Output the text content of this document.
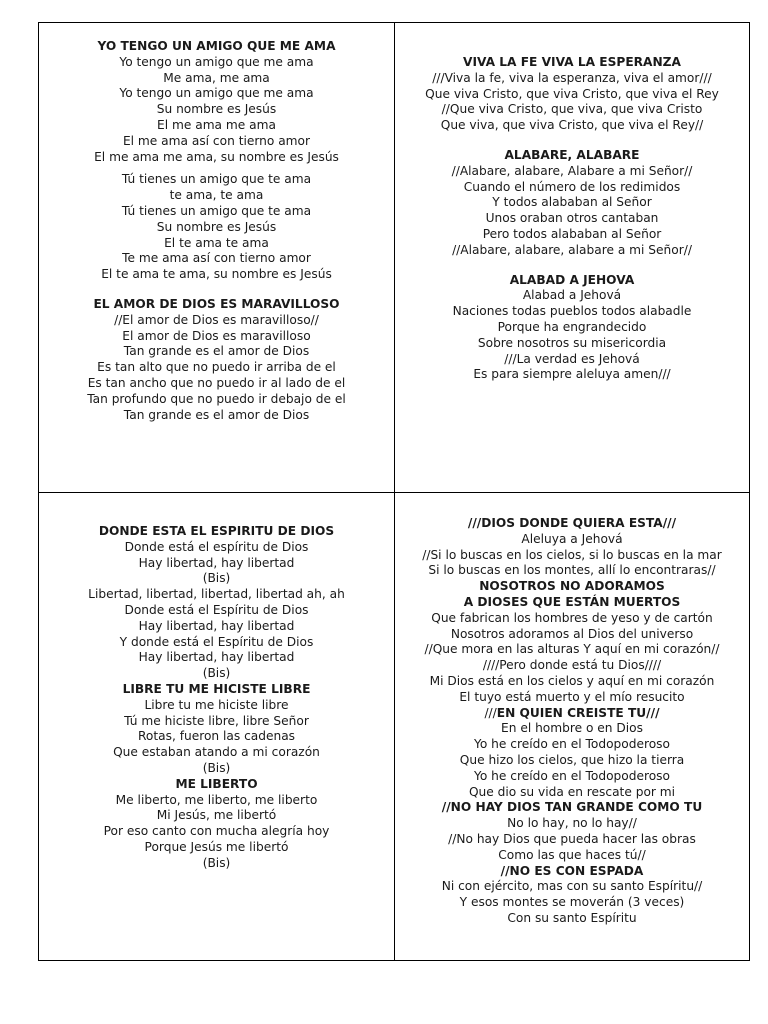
YO TENGO UN AMIGO QUE ME AMA
Yo tengo un amigo que me ama
Me ama, me ama
Yo tengo un amigo que me ama
Su nombre es Jesús
El me ama me ama
El me ama así con tierno amor
El me ama me ama, su nombre es Jesús
Tú tienes un amigo que te ama
te ama, te ama
Tú tienes un amigo que te ama
Su nombre es Jesús
El te ama te ama
Te me ama así con tierno amor
El te ama te ama, su nombre es Jesús
EL AMOR DE DIOS ES MARAVILLOSO
//El amor de Dios es maravilloso//
El amor de Dios es maravilloso
Tan grande es el amor de Dios
Es tan alto que no puedo ir arriba de el
Es tan ancho que no puedo ir al lado de el
Tan profundo que no puedo ir debajo de el
Tan grande es el amor de Dios
VIVA LA FE VIVA LA ESPERANZA
///Viva la fe, viva la esperanza, viva el amor///
Que viva Cristo, que viva Cristo, que viva el Rey
//Que viva Cristo, que viva, que viva Cristo
Que viva, que viva Cristo, que viva el Rey//
ALABARE, ALABARE
//Alabare, alabare, Alabare a mi Señor//
Cuando el número de los redimidos
Y todos alababan al Señor
Unos oraban otros cantaban
Pero todos alababan al Señor
//Alabare, alabare, alabare a mi Señor//
ALABAD A JEHOVA
Alabad a Jehová
Naciones todas pueblos todos alabadle
Porque ha engrandecido
Sobre nosotros su misericordia
///La verdad es Jehová
Es para siempre aleluya amen///
DONDE ESTA EL ESPIRITU DE DIOS
Donde está el espíritu de Dios
Hay libertad, hay libertad
(Bis)
Libertad, libertad, libertad, libertad ah, ah
Donde está el Espíritu de Dios
Hay libertad, hay libertad
Y donde está el Espíritu de Dios
Hay libertad, hay libertad
(Bis)
LIBRE TU ME HICISTE LIBRE
Libre tu me hiciste libre
Tú me hiciste libre, libre Señor
Rotas, fueron las cadenas
Que estaban atando a mi corazón
(Bis)
ME LIBERTO
Me liberto, me liberto, me liberto
Mi Jesús, me libertó
Por eso canto con mucha alegría hoy
Porque Jesús me libertó
(Bis)
///DIOS DONDE QUIERA ESTA///
Aleluya a Jehová
//Si lo buscas en los cielos, si lo buscas en la mar
Si lo buscas en los montes, allí lo encontraras//
NOSOTROS NO ADORAMOS
A DIOSES QUE ESTÁN MUERTOS
Que fabrican los hombres de yeso y de cartón
Nosotros adoramos al Dios del universo
//Que mora en las alturas Y aquí en mi corazón//
////Pero donde está tu Dios////
Mi Dios está en los cielos y aquí en mi corazón
El tuyo está muerto y el mío resucito
///EN QUIEN CREISTE TU///
En el hombre o en Dios
Yo he creído en el Todopoderoso
Que hizo los cielos, que hizo la tierra
Yo he creído en el Todopoderoso
Que dio su vida en rescate por mi
//NO HAY DIOS TAN GRANDE COMO TU
No lo hay, no lo hay//
//No hay Dios que pueda hacer las obras
Como las que haces tú//
//NO ES CON ESPADA
Ni con ejército, mas con su santo Espíritu//
Y esos montes se moverán (3 veces)
Con su santo Espíritu
